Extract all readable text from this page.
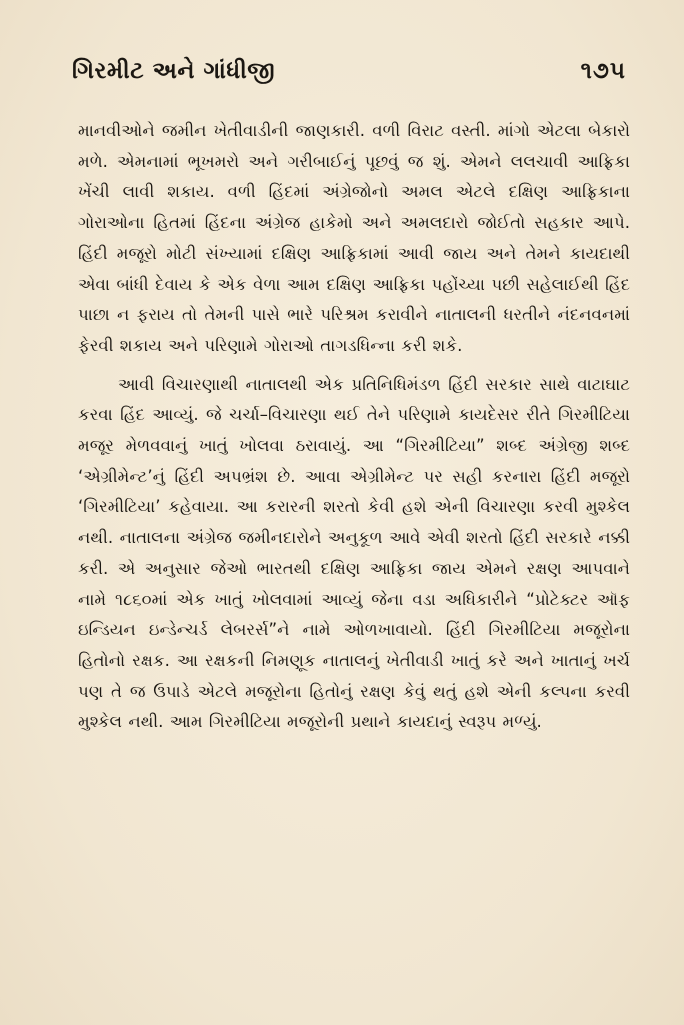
ગિરમીટ અને ગાંધીજી	૧૭૫

માનવીઓને જમીન ખેતીવાડીની જાણકારી. વળી વિરાટ વસ્તી. માંગો એટલા બેકારો મળે. એમનામાં ભૂખમરો અને ગરીબાઈનું પૂછવું જ શું. એમને લલચાવી આફ્રિકા ખેંચી લાવી શકાય. વળી હિંદમાં અંગ્રેજોનો અમલ એટલે દક્ષિણ આફ્રિકાના ગોરાઓના હિતમાં હિંદના અંગ્રેજ હાકેમો અને અમલદારો જોઈતો સહકાર આપે. હિંદી મજૂરો મોટી સંખ્યામાં દક્ષિણ આફ્રિકામાં આવી જાય અને તેમને કાયદાથી એવા બાંધી દેવાય કે એક વેળા આમ દક્ષિણ આફ્રિકા પહોંચ્યા પછી સહેલાઈથી હિંદ પાછા ન ફરાય તો તેમની પાસે ભારે પરિશ્રમ કરાવીને નાતાલની ધરતીને નંદનવનમાં ફેરવી શકાય અને પરિણામે ગોરાઓ તાગડધિન્ના કરી શકે.

આવી વિચારણાથી નાતાલથી એક પ્રતિનિધિમંડળ હિંદી સરકાર સાથે વાટાઘાટ કરવા હિંદ આવ્યું. જે ચર્ચા–વિચારણા થઈ તેને પરિણામે કાયદેસર રીતે ગિરમીટિયા મજૂર મેળવવાનું ખાતું ખોલવા ઠરાવાયું. આ “ગિરમીટિયા” શબ્દ અંગ્રેજી શબ્દ ‘એગ્રીમેન્ટ’નું હિંદી અપભ્રંશ છે. આવા એગ્રીમેન્ટ પર સહી કરનારા હિંદી મજૂરો ‘ગિરમીટિયા’ કહેવાયા. આ કરારની શરતો કેવી હશે એની વિચારણા કરવી મુશ્કેલ નથી. નાતાલના અંગ્રેજ જમીનદારોને અનુકૂળ આવે એવી શરતો હિંદી સરકારે નક્કી કરી. એ અનુસાર જેઓ ભારતથી દક્ષિણ આફ્રિકા જાય એમને રક્ષણ આપવાને નામે ૧૮૬૦માં એક ખાતું ખોલવામાં આવ્યું જેના વડા અધિકારીને “પ્રોટેક્ટર ઑફ ઇન્ડિયન ઇન્ડેન્ચર્ડ લેબરર્સ”ને નામે ઓળખાવાયો. હિંદી ગિરમીટિયા મજૂરોના હિતોનો રક્ષક. આ રક્ષકની નિમણૂક નાતાલનું ખેતીવાડી ખાતું કરે અને ખાતાનું ખર્ચ પણ તે જ ઉપાડે એટલે મજૂરોના હિતોનું રક્ષણ કેવું થતું હશે એની કલ્પના કરવી મુશ્કેલ નથી. આમ ગિરમીટિયા મજૂરોની પ્રથાને કાયદાનું સ્વરૂપ મળ્યું.
